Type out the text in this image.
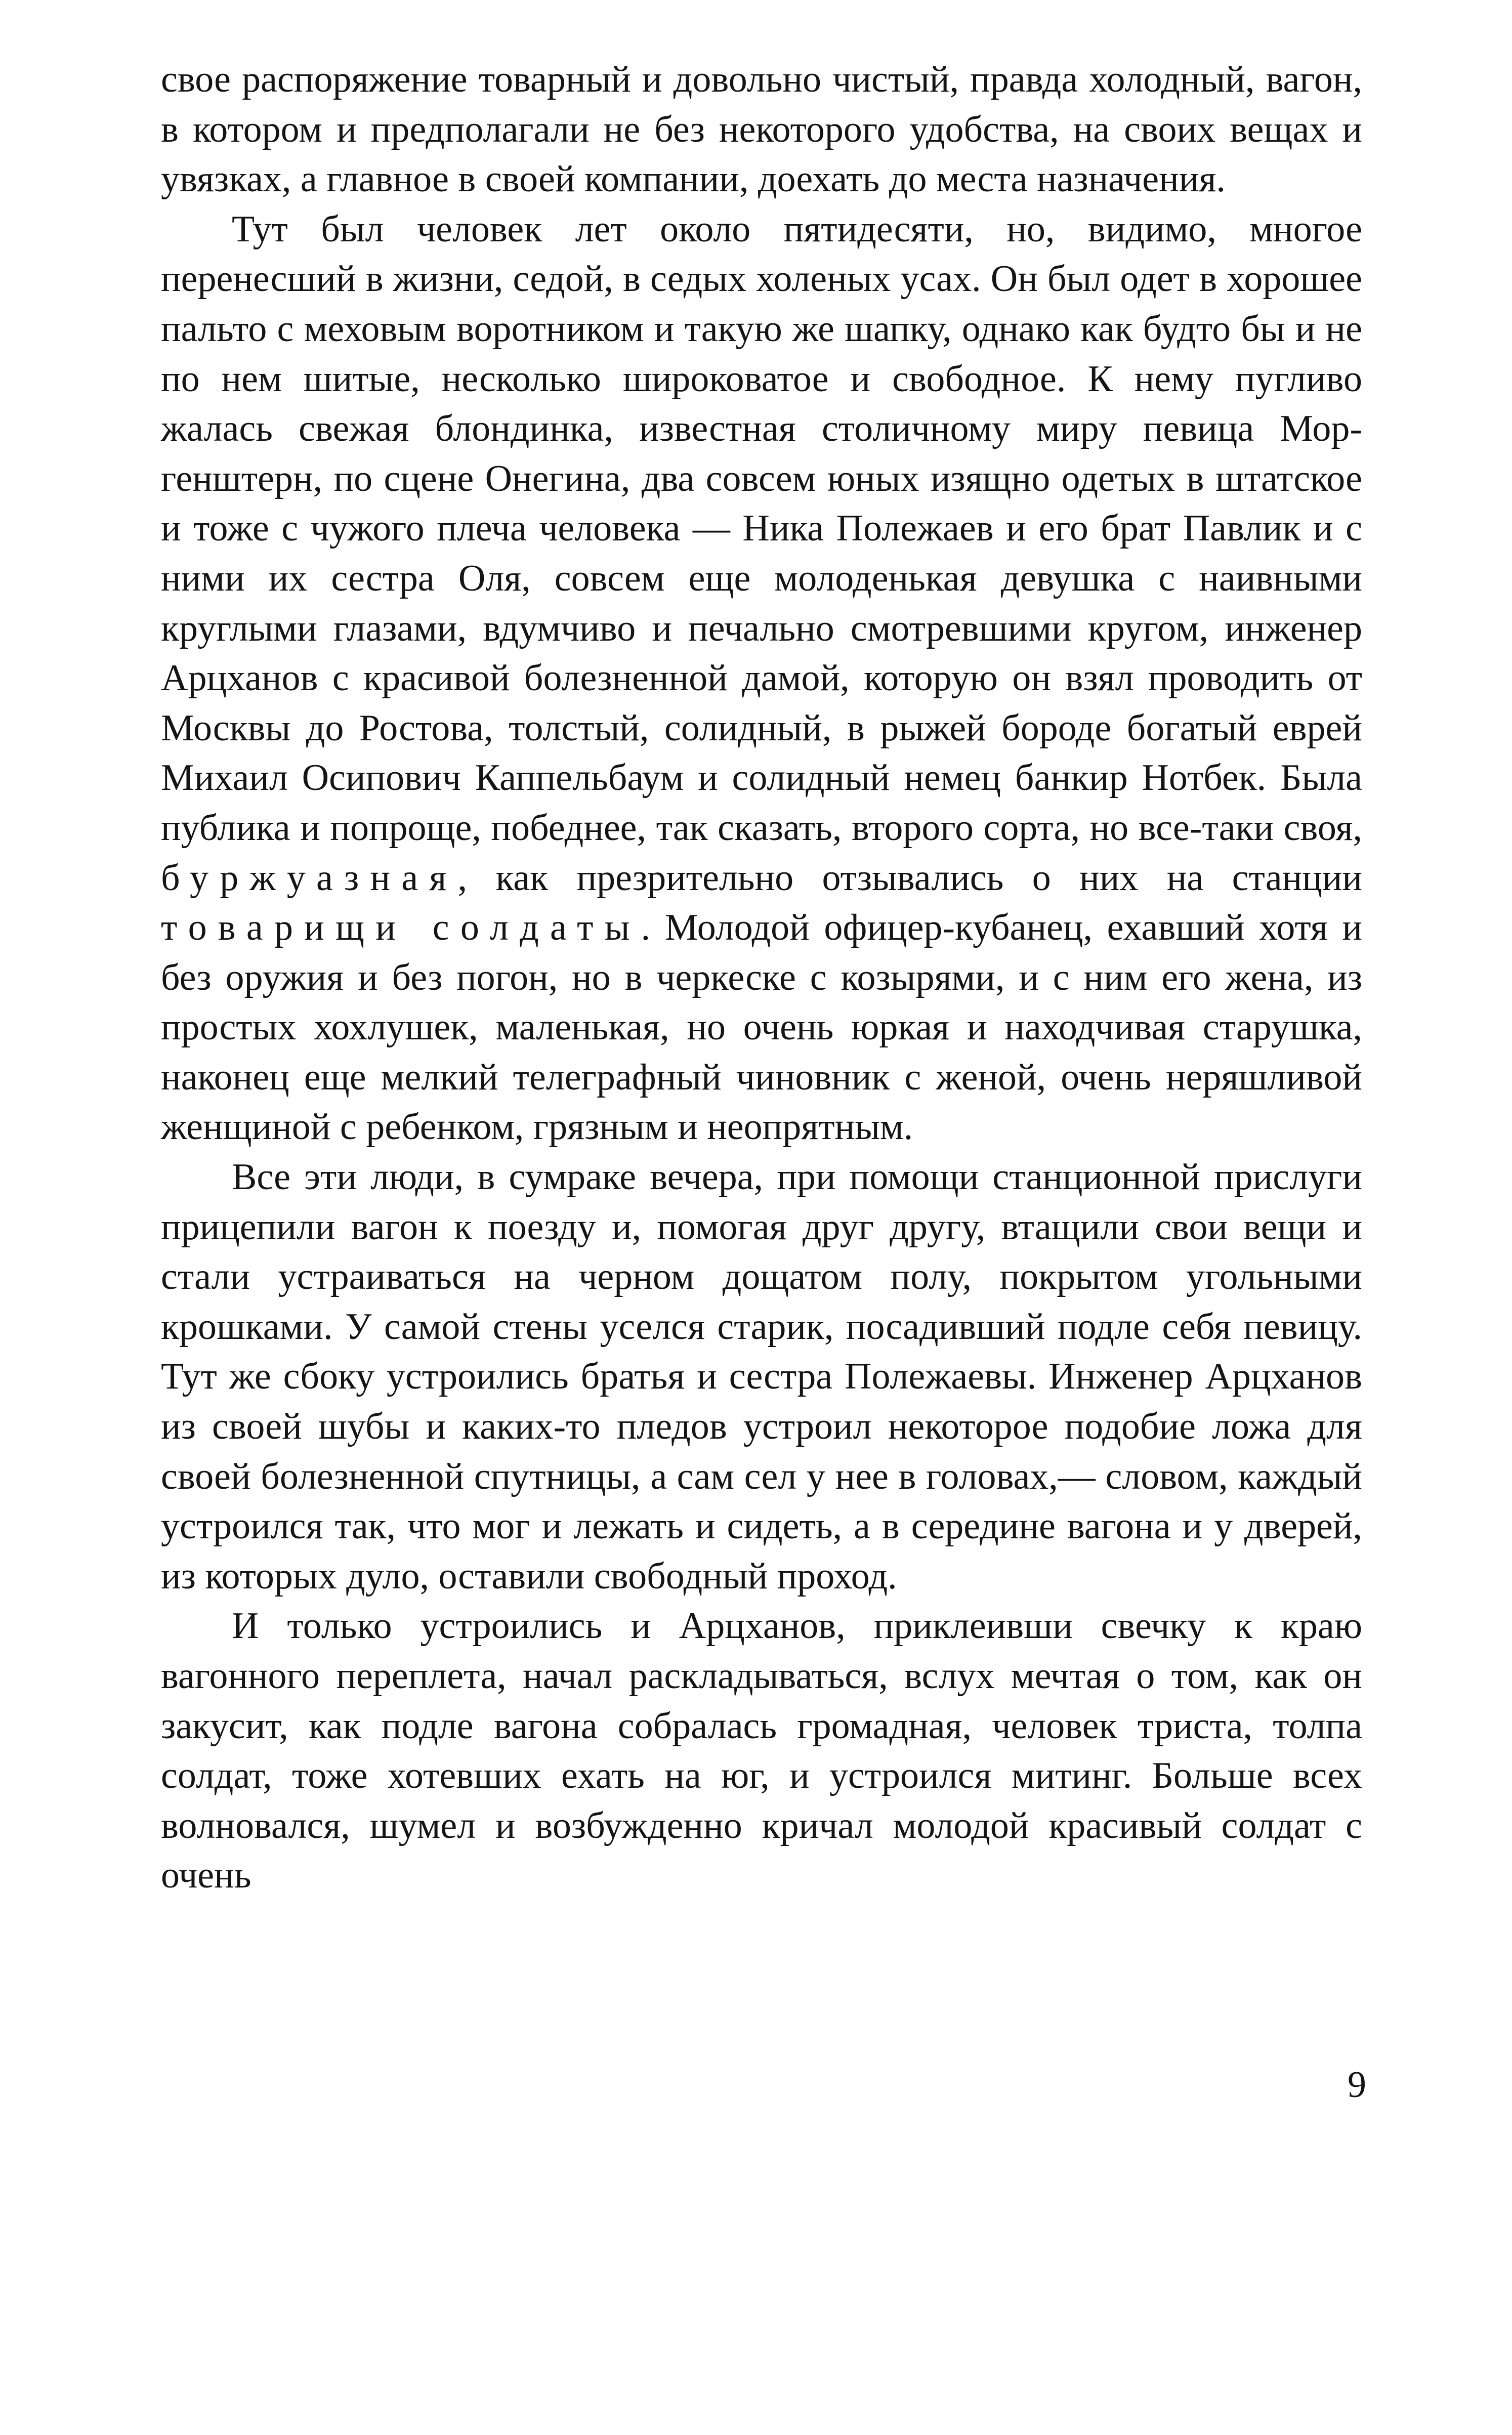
свое распоряжение товарный и довольно чистый, правда холодный, вагон, в котором и предполагали не без некоторого удобства, на своих вещах и увязках, а главное в своей компании, доехать до места назначения.

Тут был человек лет около пятидесяти, но, видимо, многое перенесший в жизни, седой, в седых холеных усах. Он был одет в хорошее пальто с меховым воротником и такую же шапку, однако как будто бы и не по нем шитые, несколько широковатое и свободное. К нему пугливо жалась свежая блондинка, известная столичному миру певица Моргенштерн, по сцене Онегина, два совсем юных изящно одетых в штатское и тоже с чужого плеча человека — Ника Полежаев и его брат Павлик и с ними их сестра Оля, совсем еще молоденькая девушка с наивными круглыми глазами, вдумчиво и печально смотревшими кругом, инженер Арцханов с красивой болезненной дамой, которую он взял проводить от Москвы до Ростова, толстый, солидный, в рыжей бороде богатый еврей Михаил Осипович Каппельбаум и солидный немец банкир Нотбек. Была публика и попроще, победнее, так сказать, второго сорта, но все-таки своя, буржуазная, как презрительно отзывались о них на станции товарищи солдаты. Молодой офицер-кубанец, ехавший хотя и без оружия и без погон, но в черкеске с козырями, и с ним его жена, из простых хохлушек, маленькая, но очень юркая и находчивая старушка, наконец еще мелкий телеграфный чиновник с женой, очень неряшливой женщиной с ребенком, грязным и неопрятным.

Все эти люди, в сумраке вечера, при помощи станционной прислуги прицепили вагон к поезду и, помогая друг другу, втащили свои вещи и стали устраиваться на черном дощатом полу, покрытом угольными крошками. У самой стены уселся старик, посадивший подле себя певицу. Тут же сбоку устроились братья и сестра Полежаевы. Инженер Арцханов из своей шубы и каких-то пледов устроил некоторое подобие ложа для своей болезненной спутницы, а сам сел у нее в головах,— словом, каждый устроился так, что мог и лежать и сидеть, а в середине вагона и у дверей, из которых дуло, оставили свободный проход.

И только устроились и Арцханов, приклеивши свечку к краю вагонного переплета, начал раскладываться, вслух мечтая о том, как он закусит, как подле вагона собралась громадная, человек триста, толпа солдат, тоже хотевших ехать на юг, и устроился митинг. Больше всех волновался, шумел и возбужденно кричал молодой красивый солдат с очень

9
